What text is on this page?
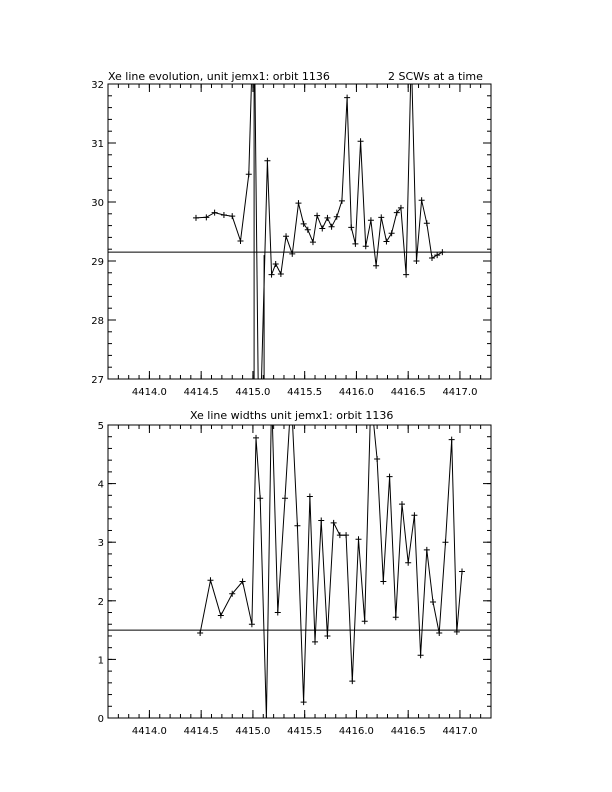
Xe line evolution, unit jemx1: orbit 1136	2 SCWs at a time
4414.0 4414.5 4415.0 4415.5 4416.0 4416.5 4417.0
27
28
29
30
31
32
Xe line widths unit jemx1: orbit 1136
4414.0 4414.5 4415.0 4415.5 4416.0 4416.5 4417.0
0
1
2
3
4
5
